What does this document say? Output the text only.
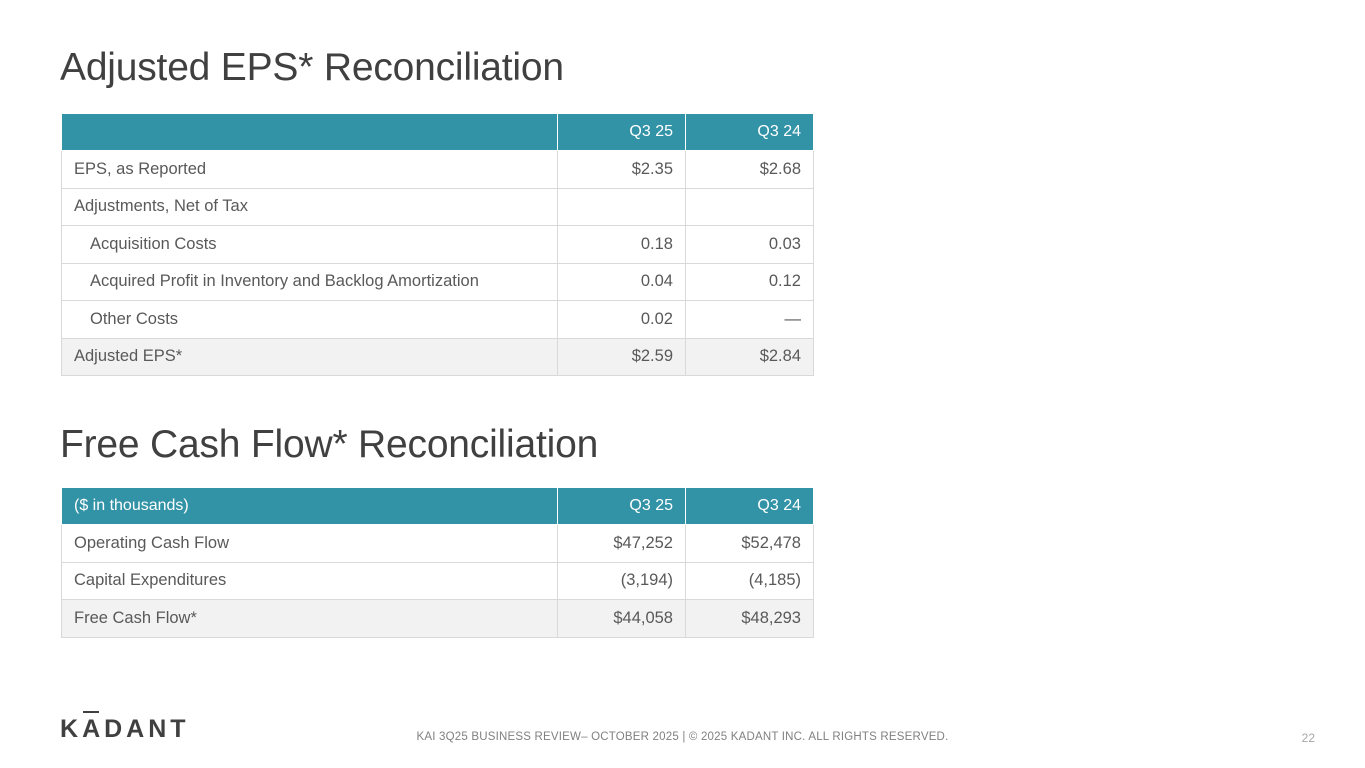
Adjusted EPS* Reconciliation
	Q3 25	Q3 24
EPS, as Reported	$2.35	$2.68
Adjustments, Net of Tax		
Acquisition Costs	0.18	0.03
Acquired Profit in Inventory and Backlog Amortization	0.04	0.12
Other Costs	0.02	—
Adjusted EPS*	$2.59	$2.84
Free Cash Flow* Reconciliation
($ in thousands)	Q3 25	Q3 24
Operating Cash Flow	$47,252	$52,478
Capital Expenditures	(3,194)	(4,185)
Free Cash Flow*	$44,058	$48,293
KADANT	KAI 3Q25 BUSINESS REVIEW– OCTOBER 2025 | © 2025 KADANT INC. ALL RIGHTS RESERVED.	22
